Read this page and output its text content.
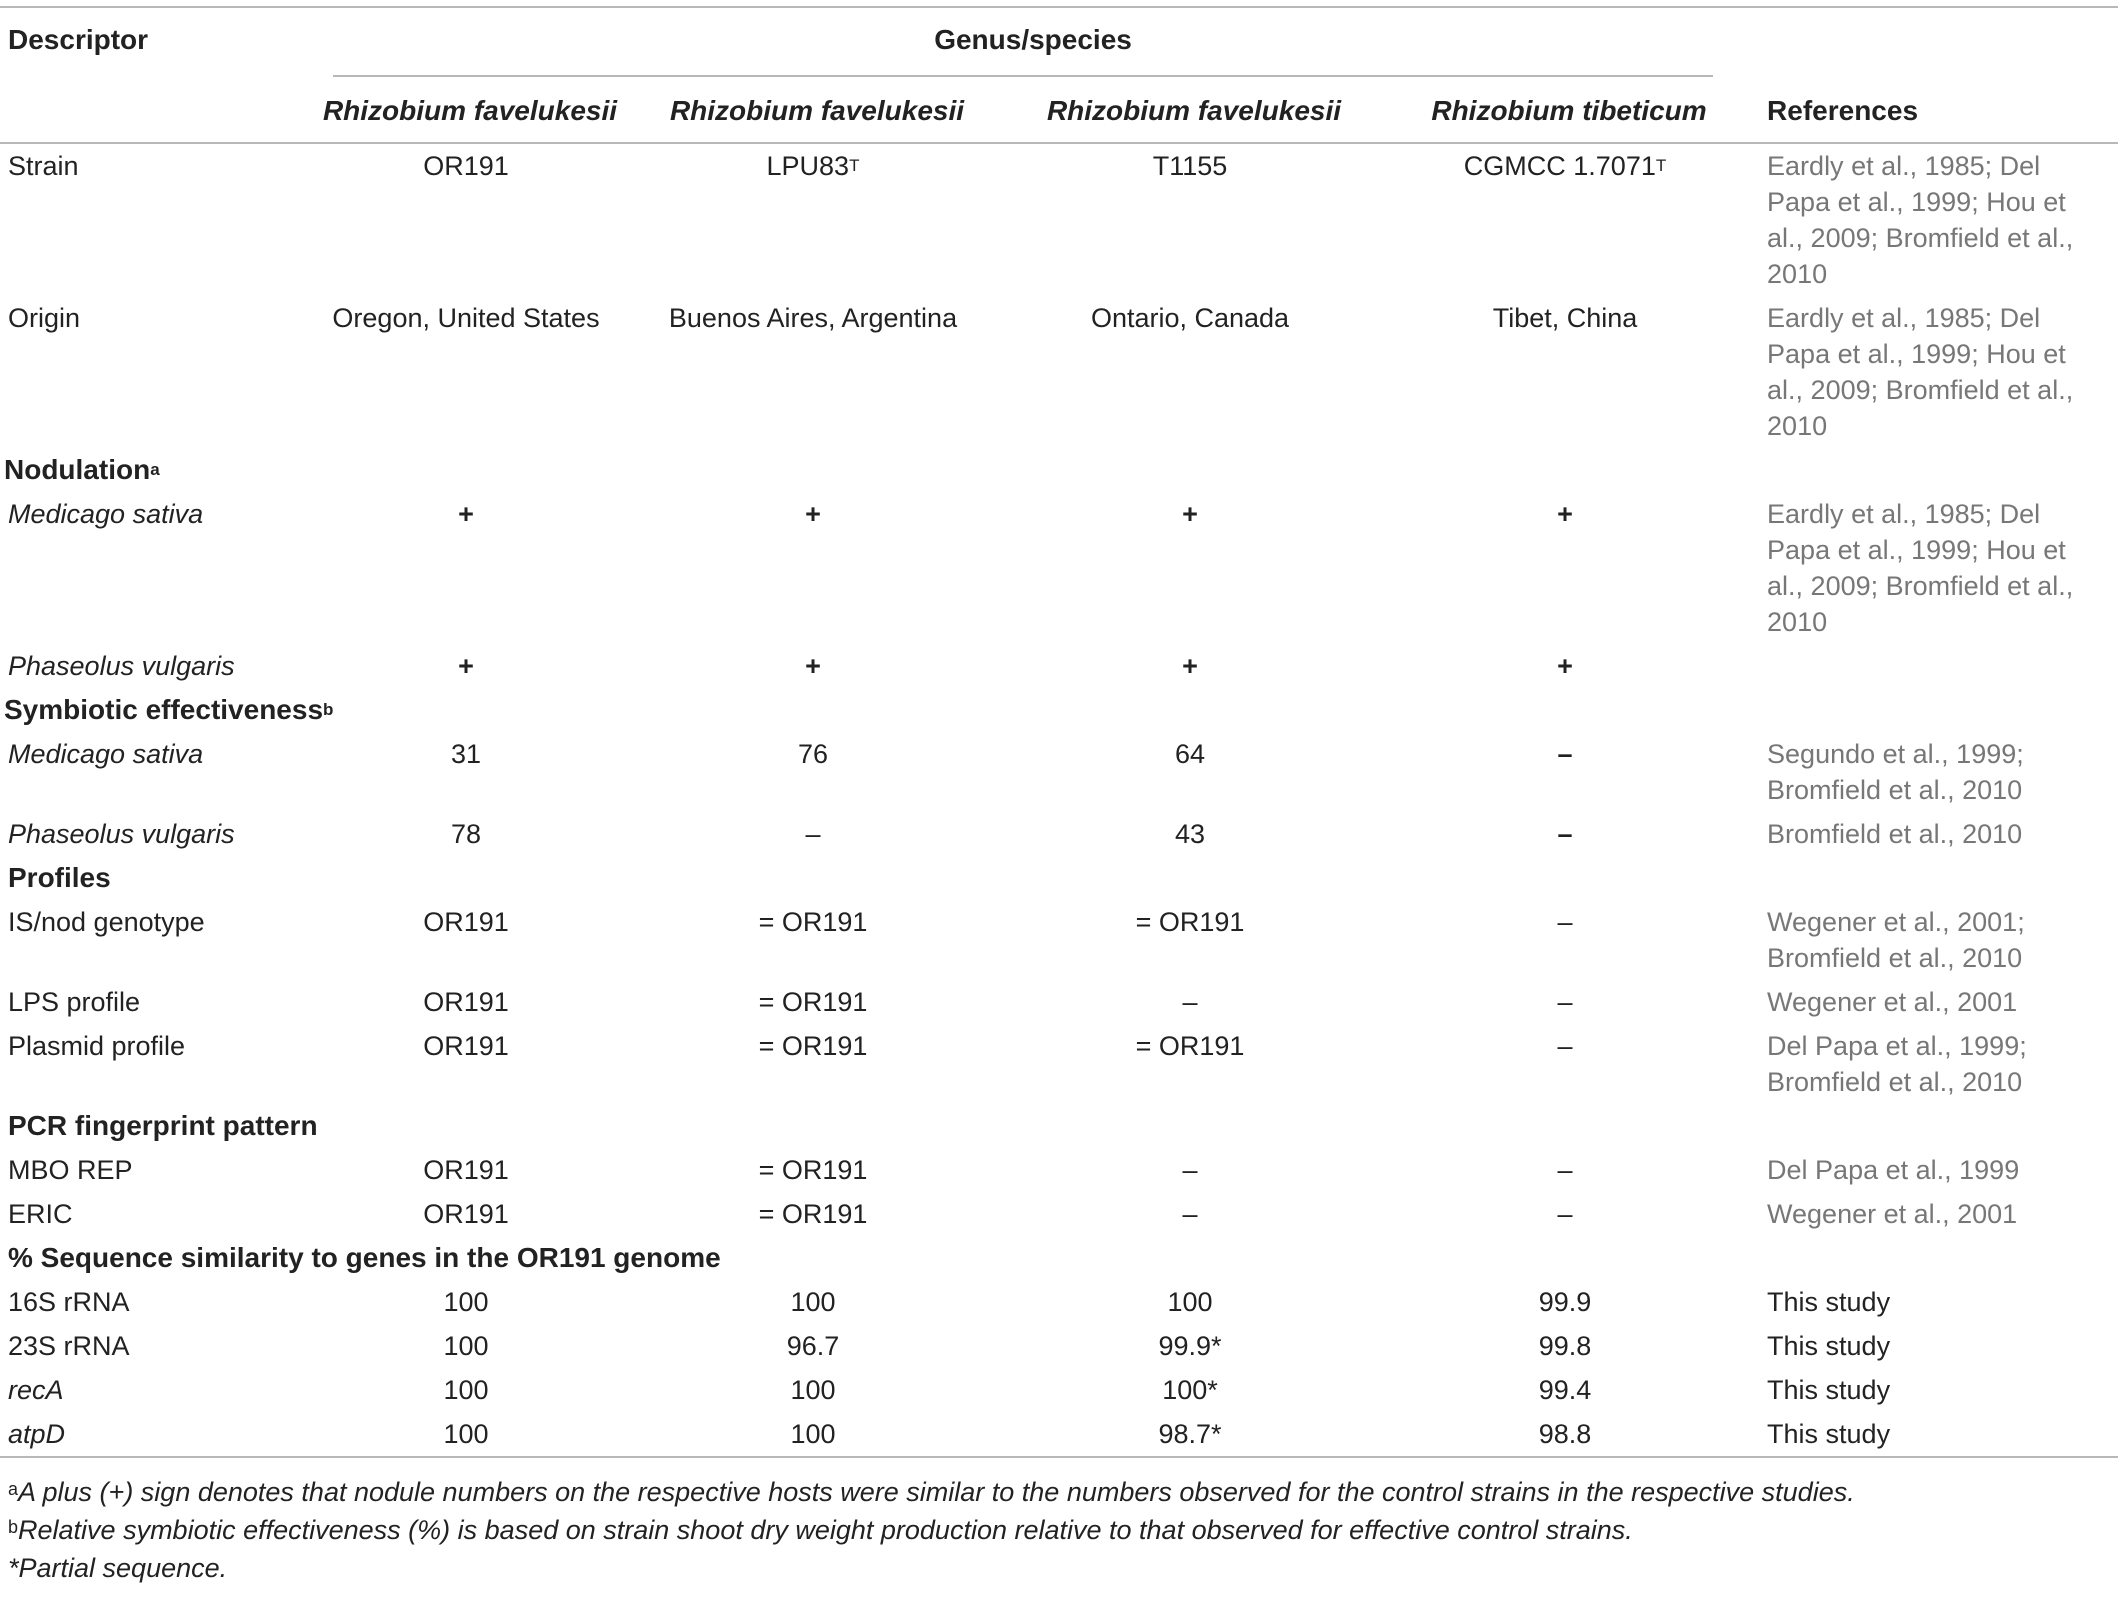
Descriptor	Genus/species			

	Rhizobium favelukesii	Rhizobium favelukesii	Rhizobium favelukesii	Rhizobium tibeticum	References
Strain	OR191	$LPU83^T$	T1155	CGMCC $1.7071^T$	Eardly et al., 1985; Del Papa et al., 1999; Hou et al., 2009; Bromfield et al., 2010
Origin	Oregon, United States	Buenos Aires, Argentina	Ontario, Canada	Tibet, China	Eardly et al., 1985; Del Papa et al., 1999; Hou et al., 2009; Bromfield et al., 2010
Nodulation$^a$
Medicago sativa	+	+	+	+	Eardly et al., 1985; Del Papa et al., 1999; Hou et al., 2009; Bromfield et al., 2010
Phaseolus vulgaris	+	+	+	+	
Symbiotic effectiveness$^b$
Medicago sativa	31	76	64	–	Segundo et al., 1999; Bromfield et al., 2010
Phaseolus vulgaris	78	–	43	–	Bromfield et al., 2010
Profiles					
IS/nod genotype	OR191	= OR191	= OR191	–	Wegener et al., 2001; Bromfield et al., 2010
LPS profile	OR191	= OR191	–	–	Wegener et al., 2001
Plasmid profile	OR191	= OR191	= OR191	–	Del Papa et al., 1999; Bromfield et al., 2010
PCR fingerprint pattern					
MBO REP	OR191	= OR191	–	–	Del Papa et al., 1999
ERIC	OR191	= OR191	–	–	Wegener et al., 2001
% Sequence similarity to genes in the OR191 genome					
16S rRNA	100	100	100	99.9	This study
23S rRNA	100	96.7	99.9*	99.8	This study
recA	100	100	100*	99.4	This study
atpD	100	100	98.7*	98.8	This study
$^a$A plus (+) sign denotes that nodule numbers on the respective hosts were similar to the numbers observed for the control strains in the respective studies.
$^b$Relative symbiotic effectiveness (%) is based on strain shoot dry weight production relative to that observed for effective control strains.
*Partial sequence.
